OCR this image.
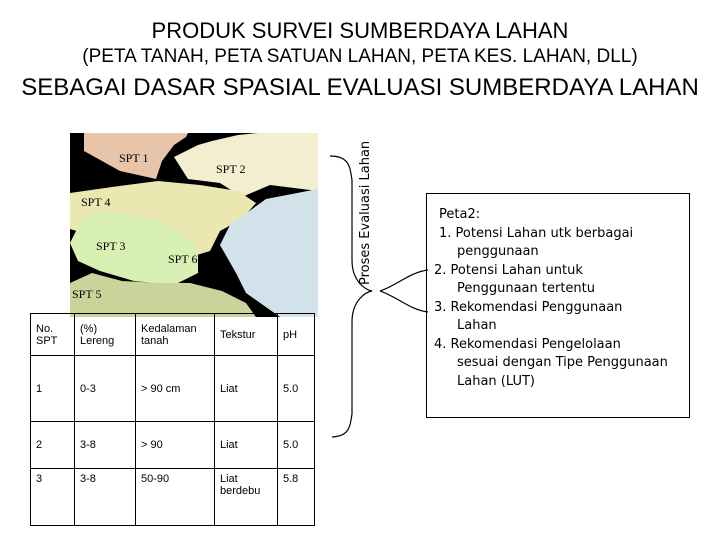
PRODUK SURVEI SUMBERDAYA LAHAN
(PETA TANAH, PETA SATUAN LAHAN, PETA KES. LAHAN, DLL)
SEBAGAI DASAR SPASIAL EVALUASI SUMBERDAYA LAHAN
SPT 1
SPT 2
SPT 4
SPT 3
SPT 6
SPT 5
No. SPT	(%) Lereng	Kedalaman tanah	Tekstur	pH
1	0-3	> 90 cm	Liat	5.0
2	3-8	> 90	Liat	5.0
3	3-8	50-90	Liat berdebu	5.8
Proses Evaluasi Lahan	Peta2:
1. Potensi Lahan utk berbagai
penggunaan
2. Potensi Lahan untuk
Penggunaan tertentu
3. Rekomendasi Penggunaan
Lahan
4. Rekomendasi Pengelolaan
sesuai dengan Tipe Penggunaan
Lahan (LUT)
